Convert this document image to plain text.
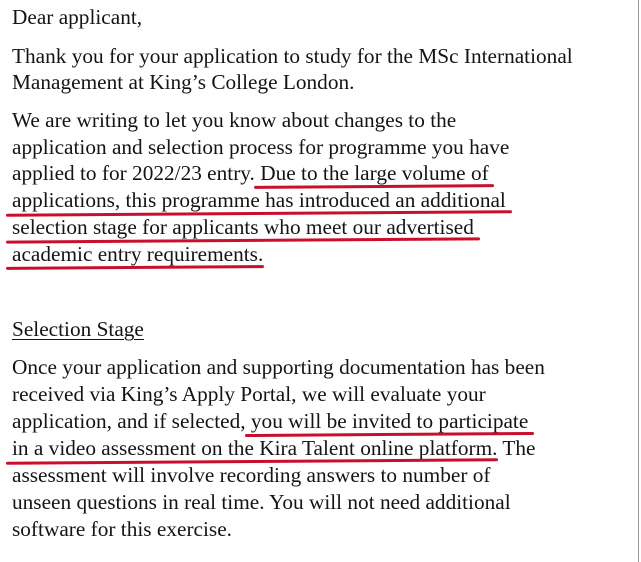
Dear applicant,
Thank you for your application to study for the MSc International
Management at King’s College London.
We are writing to let you know about changes to the
application and selection process for programme you have
applied to for 2022/23 entry. Due to the large volume of
applications, this programme has introduced an additional
selection stage for applicants who meet our advertised
academic entry requirements.
Selection Stage
Once your application and supporting documentation has been
received via King’s Apply Portal, we will evaluate your
application, and if selected, you will be invited to participate
in a video assessment on the Kira Talent online platform. The
assessment will involve recording answers to number of
unseen questions in real time. You will not need additional
software for this exercise.
